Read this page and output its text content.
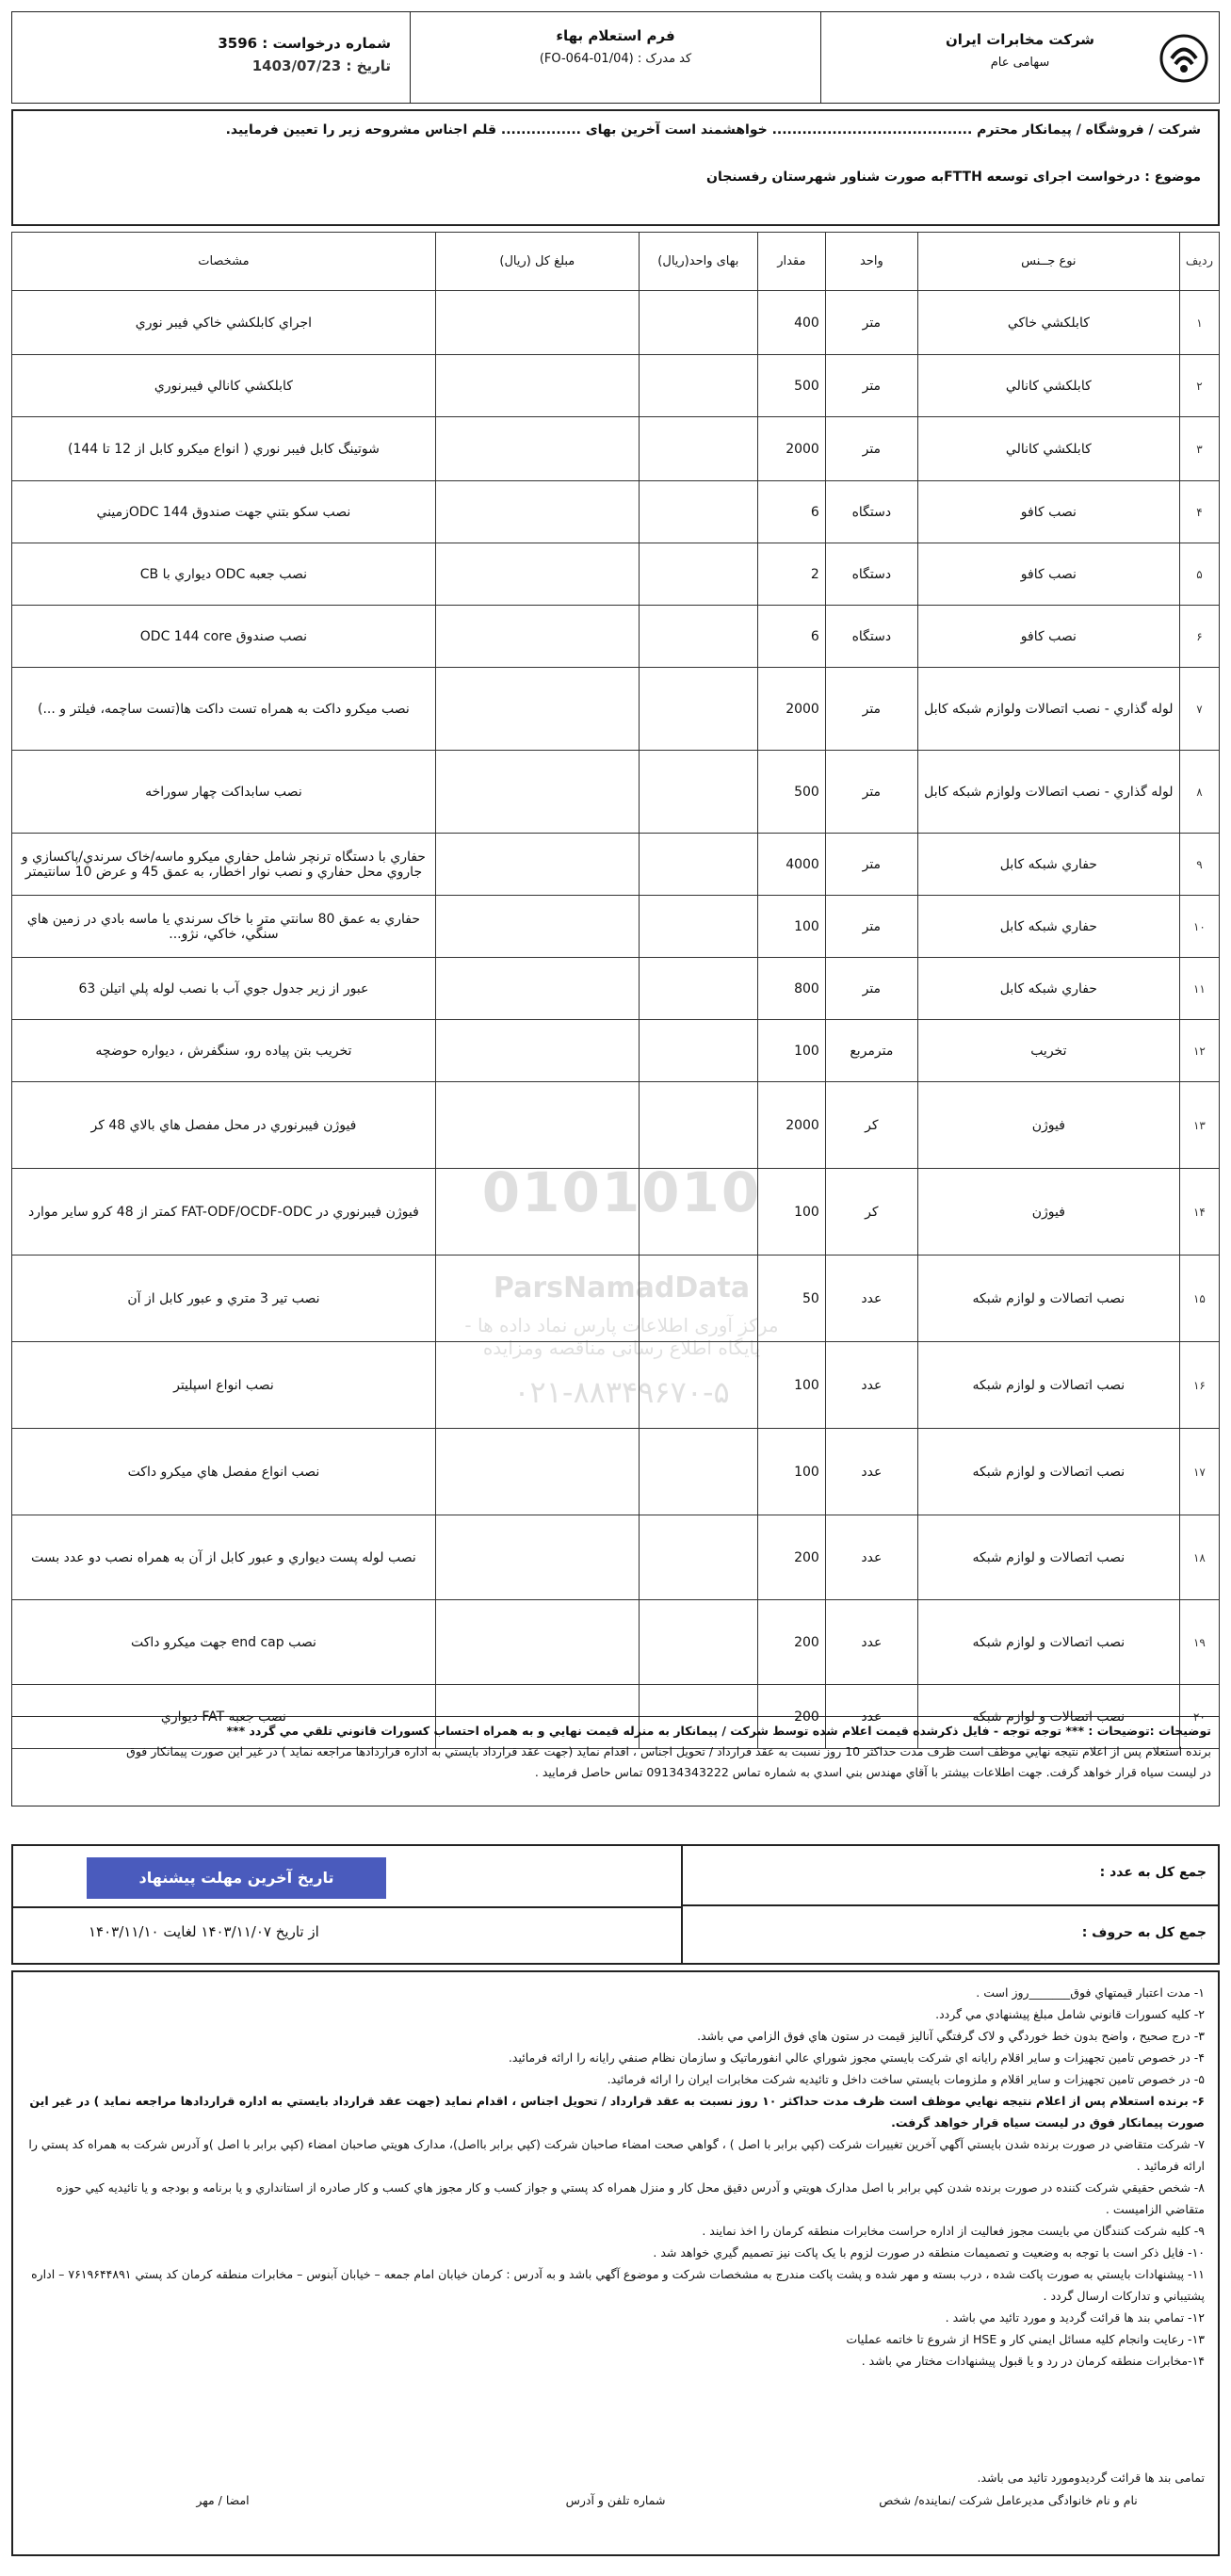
شرکت مخابرات ایران
سهامی عام
فرم استعلام بهاء
کد مدرک : (FO-064-01/04)
شماره درخواست : 3596
تاریخ : 1403/07/23
شرکت / فروشگاه / پیمانکار محترم ........................................ خواهشمند است آخرین بهای ................ قلم اجناس مشروحه زیر را تعیین فرمایید.
موضوع : درخواست اجرای توسعه FTTHبه صورت شناور شهرستان رفسنجان
ردیف	نوع جــنس	واحد	مقدار	بهای واحد(ریال)	مبلغ کل (ریال)	مشخصات
۱	کابلکشي خاکي	متر	400			اجراي کابلکشي خاکي فيبر نوري
۲	کابلکشي کانالي	متر	500			کابلکشي کانالي فيبرنوري
۳	کابلکشي کانالي	متر	2000			شوتينگ کابل فيبر نوري ( انواع ميکرو کابل از 12 تا 144)
۴	نصب کافو	دستگاه	6			نصب سکو بتني جهت صندوق ODC 144زميني
۵	نصب کافو	دستگاه	2			نصب جعبه ODC ديواري با CB
۶	نصب کافو	دستگاه	6			نصب صندوق ODC 144 core
۷	لوله گذاري - نصب اتصالات ولوازم شبکه کابل	متر	2000			نصب ميکرو داکت به همراه تست داکت ها(تست ساچمه، فيلتر و ...)
۸	لوله گذاري - نصب اتصالات ولوازم شبکه کابل	متر	500			نصب سابداکت چهار سوراخه
۹	حفاري شبکه کابل	متر	4000			حفاري با دستگاه ترنچر شامل حفاري ميکرو ماسه/خاک سرندي/پاکسازي و جاروي محل حفاري و نصب نوار اخطار، به عمق 45 و عرض 10 سانتيمتر
۱۰	حفاري شبکه کابل	متر	100			حفاري به عمق 80 سانتي متر با خاک سرندي يا ماسه بادي در زمين هاي سنگي، خاکي، نژو...
۱۱	حفاري شبکه کابل	متر	800			عبور از زير جدول جوي آب با نصب لوله پلي اتيلن 63
۱۲	تخريب	مترمربع	100			تخريب بتن پياده رو، سنگفرش ، ديواره حوضچه
۱۳	فيوژن	کر	2000			فيوژن فيبرنوري در محل مفصل هاي بالاي 48 کر
۱۴	فيوژن	کر	100			فيوژن فيبرنوري در FAT-ODF/OCDF-ODC کمتر از 48 کرو ساير موارد
۱۵	نصب اتصالات و لوازم شبکه	عدد	50			نصب تير 3 متري و عبور کابل از آن
۱۶	نصب اتصالات و لوازم شبکه	عدد	100			نصب انواع اسپليتر
۱۷	نصب اتصالات و لوازم شبکه	عدد	100			نصب انواع مفصل هاي ميکرو داکت
۱۸	نصب اتصالات و لوازم شبکه	عدد	200			نصب لوله پست ديواري و عبور کابل از آن به همراه نصب دو عدد بست
۱۹	نصب اتصالات و لوازم شبکه	عدد	200			نصب end cap جهت ميکرو داکت
۲۰	نصب اتصالات و لوازم شبکه	عدد	200			نصب جعبه FAT ديواري
0101010
ParsNamadData
مرکز آوری اطلاعات پارس نماد داده ها - پایگاه اطلاع رسانی مناقصه ومزایده
۰۲۱-۸۸۳۴۹۶۷۰-۵
توضيحات :توضيحات : *** توجه توجه - فايل ذکرشده قيمت اعلام شده توسط شرکت / پيمانکار به منزله قيمت نهايي و به همراه احتساب کسورات قانوني تلقي مي گردد ***
برنده استعلام پس از اعلام نتيجه نهايي موظف است ظرف مدت حداکثر 10 روز نسبت به عقد قرارداد / تحويل اجناس ، اقدام نمايد (جهت عقد قرارداد بايستي به اداره قراردادها مراجعه نمايد ) در غير اين صورت پيمانکار فوق
در ليست سياه قرار خواهد گرفت. جهت اطلاعات بيشتر با آقاي مهندس بني اسدي به شماره تماس 09134343222 تماس حاصل فرماييد .
جمع کل به عدد :
جمع کل به حروف :
تاریخ آخرین مهلت پیشنهاد
از تاریخ ۱۴۰۳/۱۱/۰۷ لغایت ۱۴۰۳/۱۱/۱۰

۱- مدت اعتبار قيمتهاي فوق_______روز است .

۲- کليه کسورات قانوني شامل مبلغ پيشنهادي مي گردد.

۳- درج صحيح ، واضح بدون خط خوردگي و لاک گرفتگي آناليز قيمت در ستون هاي فوق الزامي مي باشد.

۴- در خصوص تامين تجهيزات و ساير اقلام رايانه اي شرکت بايستي مجوز شوراي عالي انفورماتيک و سازمان نظام صنفي رايانه را ارائه فرمائيد.

۵- در خصوص تامين تجهيزات و ساير اقلام و ملزومات بايستي ساخت داخل و تائيديه شرکت مخابرات ايران را ارائه فرمائيد.

۶- برنده استعلام پس از اعلام نتيجه نهايي موظف است ظرف مدت حداکثر ۱۰ روز نسبت به عقد قرارداد / تحويل اجناس ، اقدام نمايد (جهت عقد قرارداد بايستي به اداره قراردادها مراجعه نمايد ) در غير اين صورت پيمانکار فوق در ليست سياه قرار خواهد گرفت.

۷- شرکت متقاضي در صورت برنده شدن بايستي آگهي آخرين تغييرات شرکت (کپي برابر با اصل ) ، گواهي صحت امضاء صاحبان شرکت (کپي برابر بااصل)، مدارک هويتي صاحبان امضاء (کپي برابر با اصل )و آدرس شرکت به همراه کد پستي را ارائه فرمائيد .

۸- شخص حقيقي شرکت کننده در صورت برنده شدن کپي برابر با اصل مدارک هويتي و آدرس دقيق محل کار و منزل همراه کد پستي و جواز کسب و کار مجوز هاي کسب و کار صادره از استانداري و يا برنامه و بودجه و يا تائيديه کيي حوزه متقاضي الزاميست .

۹- کليه شرکت کنندگان مي بايست مجوز فعاليت از اداره حراست مخابرات منطقه کرمان را اخذ نمايند .

۱۰- فايل ذکر است با توجه به وضعيت و تصميمات منطقه در صورت لزوم با يک پاکت نيز تصميم گيري خواهد شد .

۱۱- پيشنهادات بايستي به صورت پاکت شده ، درب بسته و مهر شده و پشت پاکت مندرج به مشخصات شرکت و موضوع آگهي باشد و به آدرس : کرمان خيابان امام جمعه – خيابان آبنوس – مخابرات منطقه کرمان کد پستي ۷۶۱۹۶۴۴۸۹۱ – اداره پشتيباني و تدارکات ارسال گردد .

۱۲- تمامي بند ها قرائت گرديد و مورد تائيد مي باشد .

۱۳- رعايت وانجام کليه مسائل ايمني کار و HSE از شروع تا خاتمه عمليات

۱۴-مخابرات منطقه کرمان در رد و يا قبول پيشنهادات مختار مي باشد .

تمامی بند ها قرائت گردیدومورد تائید می باشد.
نام و نام خانوادگی مدیرعامل شرکت /نماینده/ شخص
شماره تلفن و آدرس
امضا / مهر
